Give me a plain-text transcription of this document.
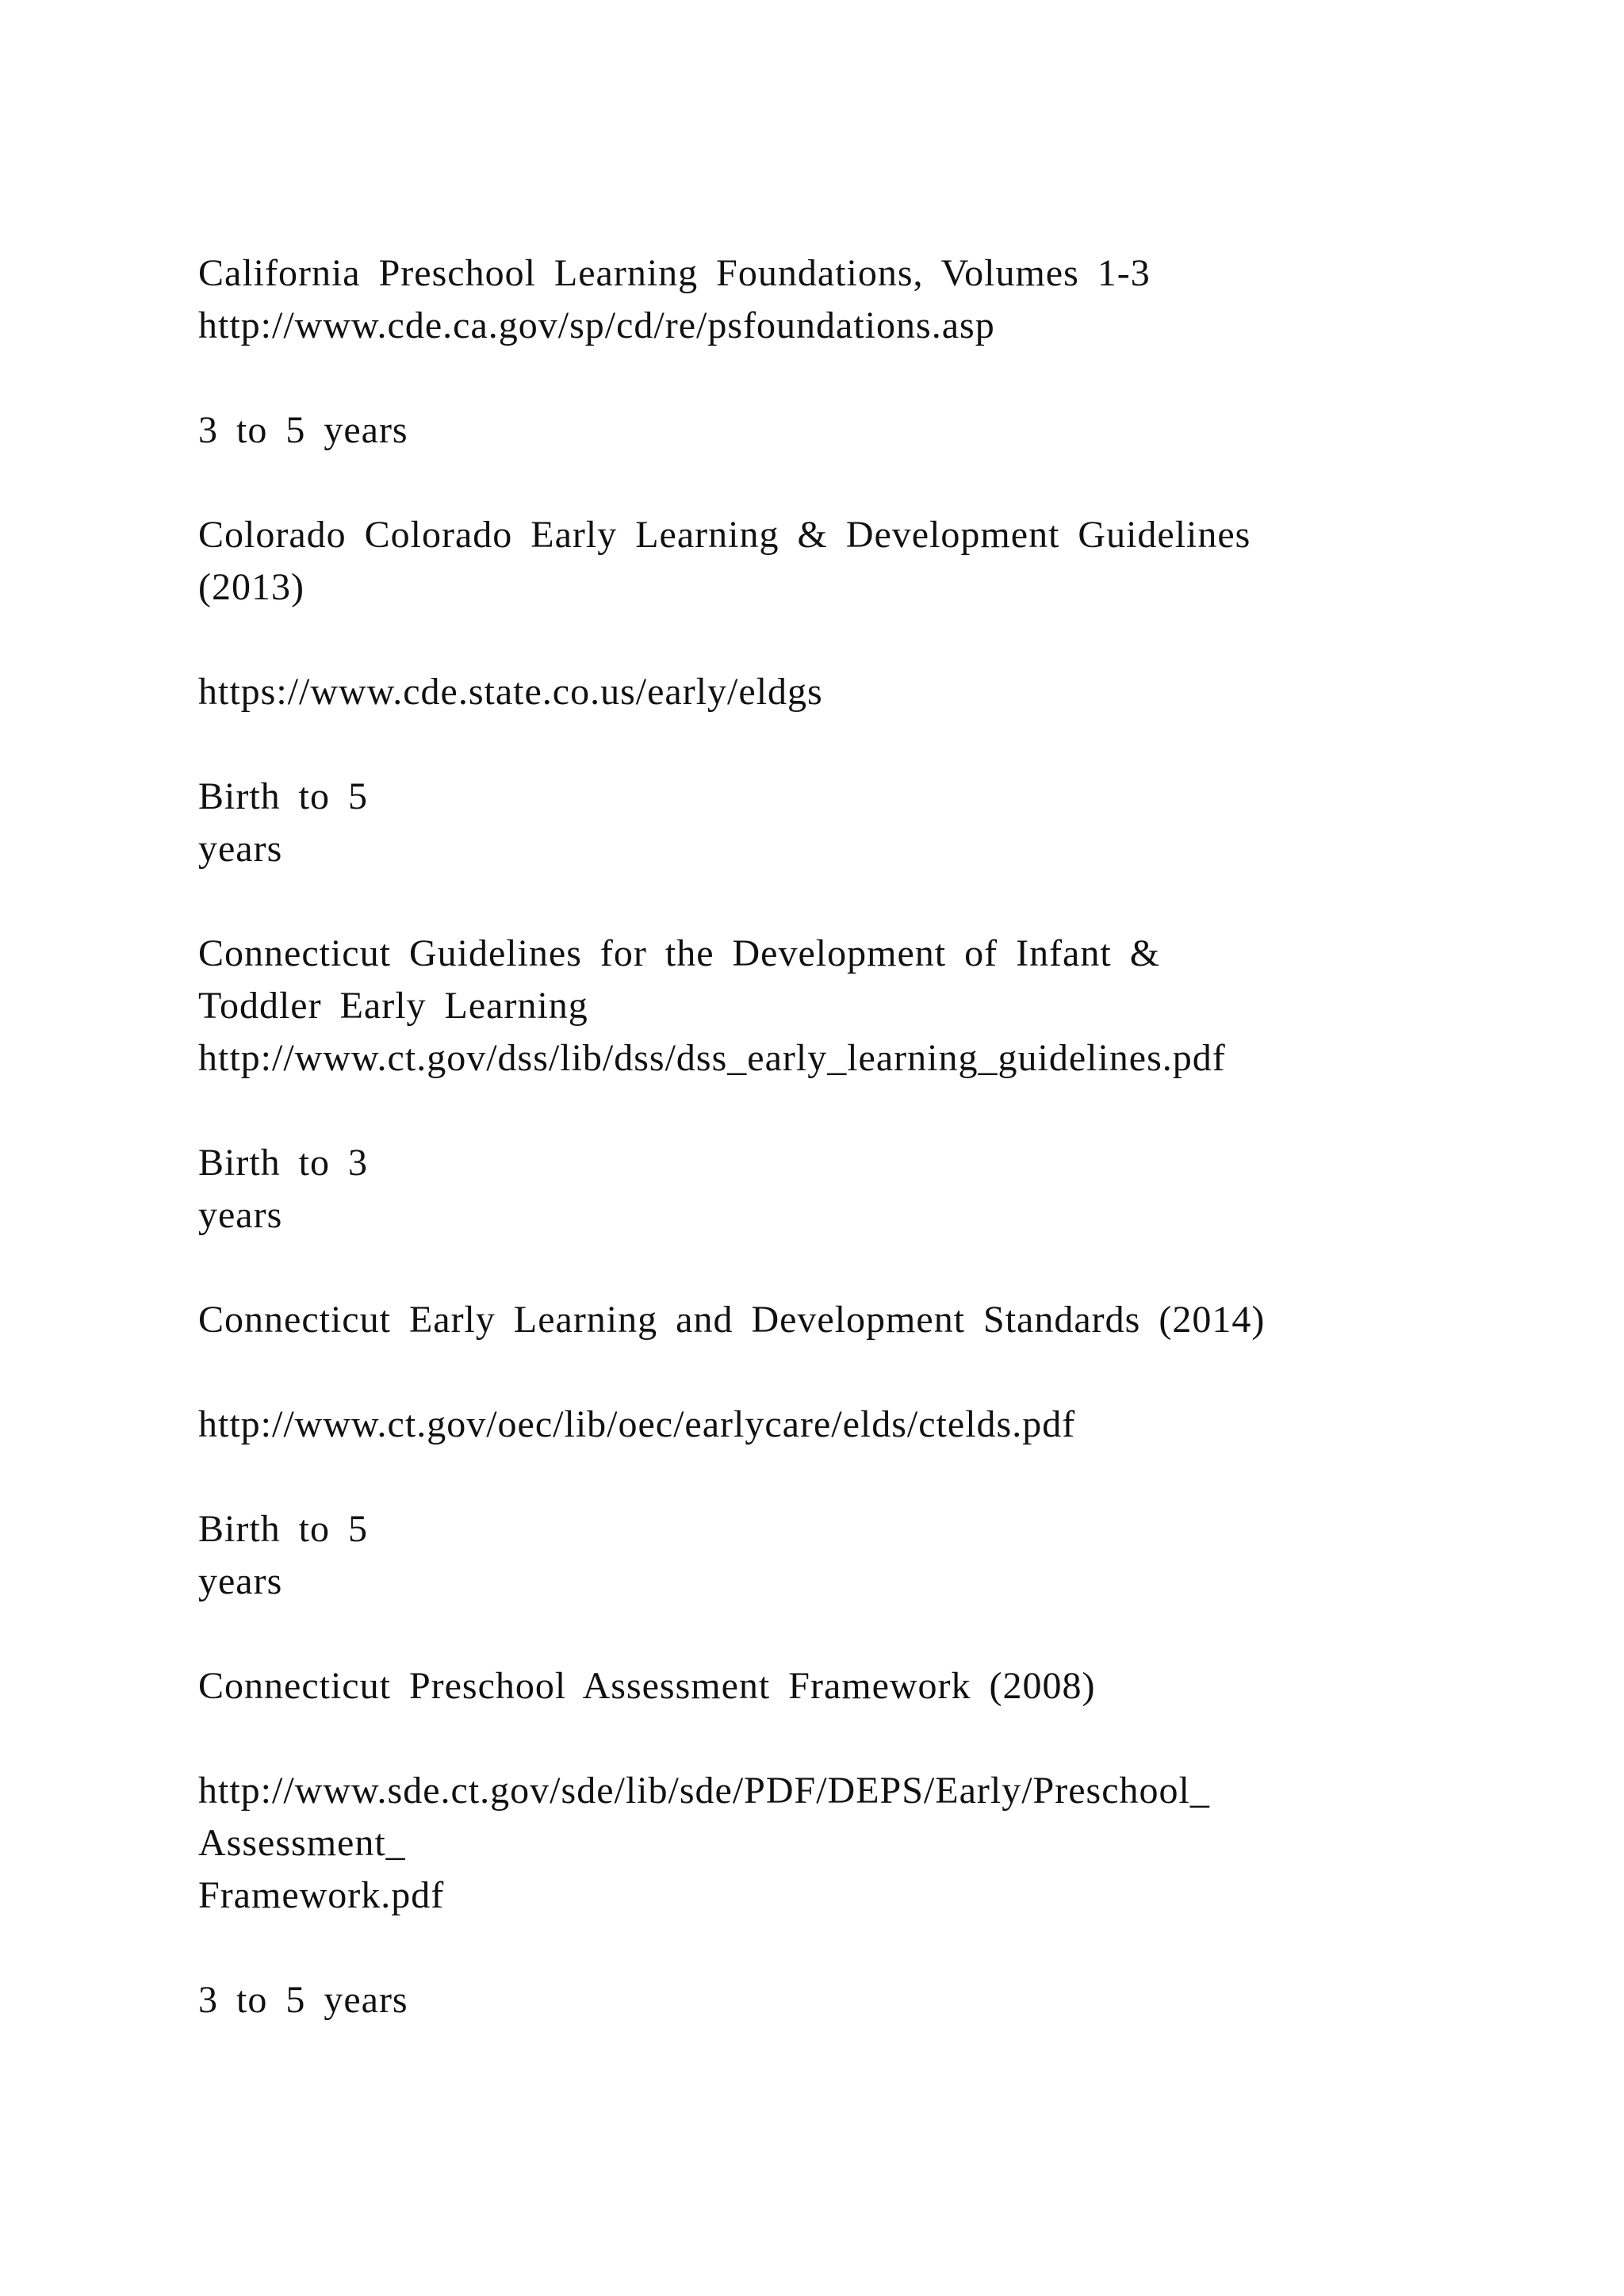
California Preschool Learning Foundations, Volumes 1-3
http://www.cde.ca.gov/sp/cd/re/psfoundations.asp
3 to 5 years
Colorado Colorado Early Learning & Development Guidelines
(2013)
https://www.cde.state.co.us/early/eldgs
Birth to 5
years
Connecticut Guidelines for the Development of Infant &
Toddler Early Learning
http://www.ct.gov/dss/lib/dss/dss_early_learning_guidelines.pdf
Birth to 3
years
Connecticut Early Learning and Development Standards (2014)
http://www.ct.gov/oec/lib/oec/earlycare/elds/ctelds.pdf
Birth to 5
years
Connecticut Preschool Assessment Framework (2008)
http://www.sde.ct.gov/sde/lib/sde/PDF/DEPS/Early/Preschool_
Assessment_
Framework.pdf
3 to 5 years
